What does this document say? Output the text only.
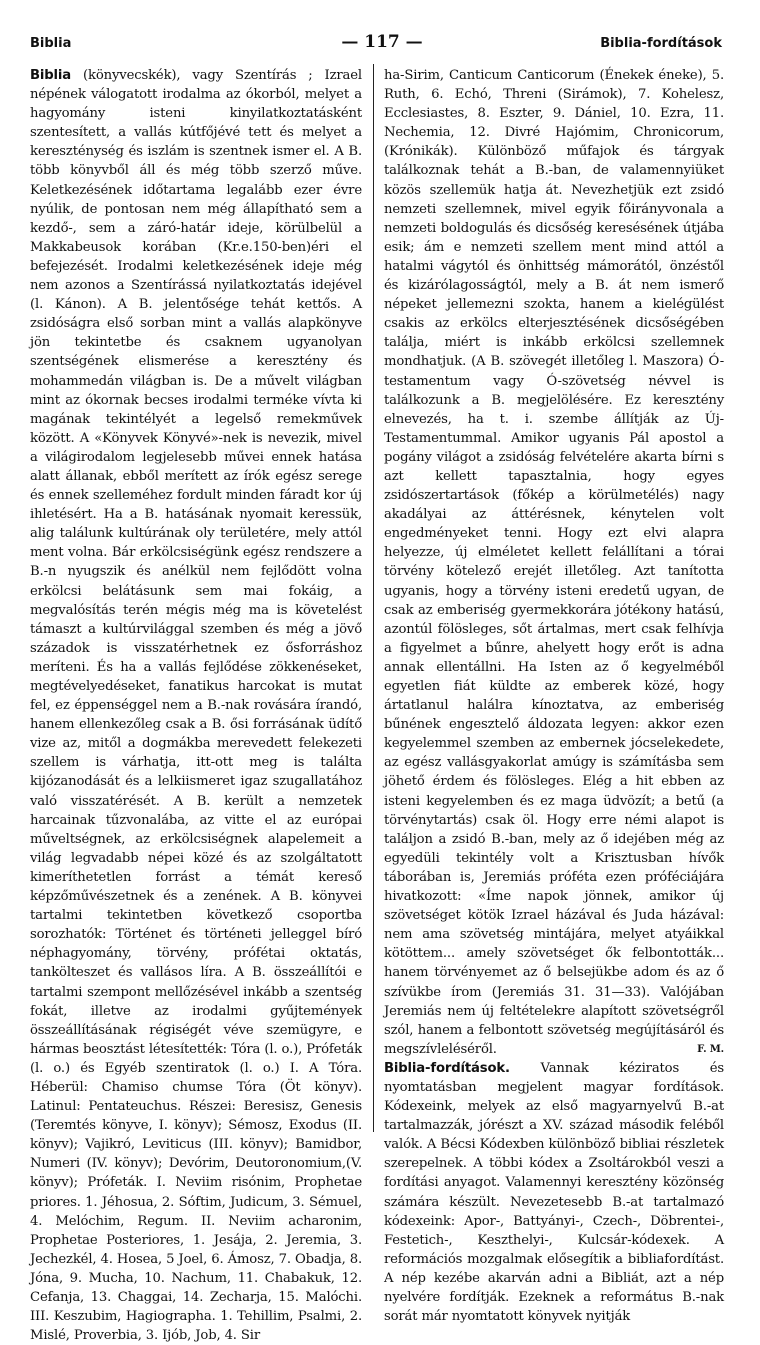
Biblia	— 117 —	Biblia-fordítások

Biblia (könyvecskék), vagy Szentírás ; Izrael népének válogatott irodalma az ókorból, melyet a hagyomány isteni kinyilatkoztatásként szentesített, a vallás kútfőjévé tett és melyet a kereszténység és iszlám is szentnek ismer el. A B. több könyvből áll és még több szerző műve. Keletkezésének időtartama legalább ezer évre nyúlik, de pontosan nem még állapítható sem a kezdő-, sem a záró-határ ideje, körülbelül a Makkabeusok korában (Kr.e.150-ben)éri el befejezését. Irodalmi keletkezésének ideje még nem azonos a Szentírássá nyilatkoztatás idejével (l. Kánon). A B. jelentősége tehát kettős. A zsidóságra első sorban mint a vallás alapkönyve jön tekintetbe és csaknem ugyanolyan szentségének elismerése a keresztény és mohammedán világban is. De a művelt világban mint az ókornak becses irodalmi terméke vívta ki magának tekintélyét a legelső remekművek között. A «Könyvek Könyvé»-nek is nevezik, mivel a világirodalom legjelesebb művei ennek hatása alatt állanak, ebből merített az írók egész serege és ennek szelleméhez fordult minden fáradt kor új ihletésért. Ha a B. hatásának nyomait keressük, alig találunk kultúrának oly területére, mely attól ment volna. Bár erkölcsiségünk egész rendszere a B.-n nyugszik és anélkül nem fejlődött volna erkölcsi belátásunk sem mai fokáig, a megvalósítás terén mégis még ma is követelést támaszt a kultúrvilággal szemben és még a jövő századok is visszatérhetnek ez ősforráshoz meríteni. És ha a vallás fejlődése zökkenéseket, megtévelyedéseket, fanatikus harcokat is mutat fel, ez éppenséggel nem a B.-nak rovására írandó, hanem ellenkezőleg csak a B. ősi forrásának üdítő vize az, mitől a dogmákba merevedett felekezeti szellem is várhatja, itt-ott meg is találta kijózanodását és a lelkiismeret igaz szugallatához való visszatérését. A B. került a nemzetek harcainak tűzvonalába, az vitte el az európai műveltségnek, az erkölcsiségnek alapelemeit a világ legvadabb népei közé és az szolgáltatott kimeríthetetlen forrást a témát kereső képzőművészetnek és a zenének. A B. könyvei tartalmi tekintetben következő csoportba sorozhatók: Történet és történeti jelleggel bíró néphagyomány, törvény, prófétai oktatás, tankölteszet és vallásos líra. A B. összeállítói e tartalmi szempont mellőzésével inkább a szentség fokát, illetve az irodalmi gyűjtemények összeállításának régiségét véve szemügyre, e hármas beosztást létesítették: Tóra (l. o.), Prófeták (l. o.) és Egyéb szentiratok (l. o.) I. A Tóra. Héberül: Chamiso chumse Tóra (Öt könyv). Latinul: Pentateuchus. Részei: Beresisz, Genesis (Teremtés könyve, I. könyv); Sémosz, Exodus (II. könyv); Vajikró, Leviticus (III. könyv); Bamidbor, Numeri (IV. könyv); Devórim, Deutoronomium,(V. könyv); Prófeták. I. Neviim risónim, Prophetae priores. 1. Jéhosua, 2. Sóftim, Judicum, 3. Sémuel, 4. Melóchim, Regum. II. Neviim acharonim, Prophetae Posteriores, 1. Jesája, 2. Jeremia, 3. Jechezkél, 4. Hosea, 5 Joel, 6. Ámosz, 7. Obadja, 8. Jóna, 9. Mucha, 10. Nachum, 11. Chabakuk, 12. Cefanja, 13. Chaggai, 14. Zecharja, 15. Malóchi. III. Keszubim, Hagiographa. 1. Tehillim, Psalmi, 2. Mislé, Proverbia, 3. Ijób, Job, 4. Sir

ha-Sirim, Canticum Canticorum (Énekek éneke), 5. Ruth, 6. Echó, Threni (Sirámok), 7. Kohelesz, Ecclesiastes, 8. Eszter, 9. Dániel, 10. Ezra, 11. Nechemia, 12. Divré Hajómim, Chronicorum, (Krónikák). Különböző műfajok és tárgyak találkoznak tehát a B.-ban, de valamennyiüket közös szellemük hatja át. Nevezhetjük ezt zsidó nemzeti szellemnek, mivel egyik főirányvonala a nemzeti boldogulás és dicsőség keresésének útjába esik; ám e nemzeti szellem ment mind attól a hatalmi vágytól és önhittség mámorától, önzéstől és kizárólagosságtól, mely a B. át nem ismerő népeket jellemezni szokta, hanem a kielégülést csakis az erkölcs elterjesztésének dicsőségében találja, miért is inkább erkölcsi szellemnek mondhatjuk. (A B. szövegét illetőleg l. Maszora) Ó-testamentum vagy Ó-szövetség névvel is találkozunk a B. megjelölésére. Ez keresztény elnevezés, ha t. i. szembe állítják az Új-Testamentummal. Amikor ugyanis Pál apostol a pogány világot a zsidóság felvételére akarta bírni s azt kellett tapasztalnia, hogy egyes zsidószertartások (főkép a körülmetélés) nagy akadályai az áttérésnek, kénytelen volt engedményeket tenni. Hogy ezt elvi alapra helyezze, új elméletet kellett felállítani a tórai törvény kötelező erejét illetőleg. Azt tanította ugyanis, hogy a törvény isteni eredetű ugyan, de csak az emberiség gyermekkorára jótékony hatású, azontúl fölösleges, sőt ártalmas, mert csak felhívja a figyelmet a bűnre, ahelyett hogy erőt is adna annak ellentállni. Ha Isten az ő kegyelméből egyetlen fiát küldte az emberek közé, hogy ártatlanul halálra kínoztatva, az emberiség bűnének engesztelő áldozata legyen: akkor ezen kegyelemmel szemben az embernek jócselekedete, az egész vallásgyakorlat amúgy is számításba sem jöhető érdem és fölösleges. Elég a hit ebben az isteni kegyelemben és ez maga üdvözít; a betű (a törvénytartás) csak öl. Hogy erre némi alapot is találjon a zsidó B.-ban, mely az ő idejében még az egyedüli tekintély volt a Krisztusban hívők táborában is, Jeremiás próféta ezen próféciájára hivatkozott: «Íme napok jönnek, amikor új szövetséget kötök Izrael házával és Juda házával: nem ama szövetség mintájára, melyet atyáikkal kötöttem... amely szövetséget ők felbontották... hanem törvényemet az ő belsejükbe adom és az ő szívükbe írom (Jeremiás 31. 31—33). Valójában Jeremiás nem új feltételekre alapított szövetségről szól, hanem a felbontott szövetség megújításáról és megszívleléséről.	F. M.

Biblia-fordítások. Vannak kéziratos és nyomtatásban megjelent magyar fordítások. Kódexeink, melyek az első magyarnyelvű B.-at tartalmazzák, jórészt a XV. század második feléből valók. A Bécsi Kódexben különböző bibliai részletek szerepelnek. A többi kódex a Zsoltárokból veszi a fordítási anyagot. Valamennyi keresztény közönség számára készült. Nevezetesebb B.-at tartalmazó kódexeink: Apor-, Battyányi-, Czech-, Döbrentei-, Festetich-, Keszthelyi-, Kulcsár-kódexek. A reformációs mozgalmak elősegítik a bibliafordítást. A nép kezébe akarván adni a Bibliát, azt a nép nyelvére fordítják. Ezeknek a református B.-nak sorát már nyomtatott könyvek nyitják
